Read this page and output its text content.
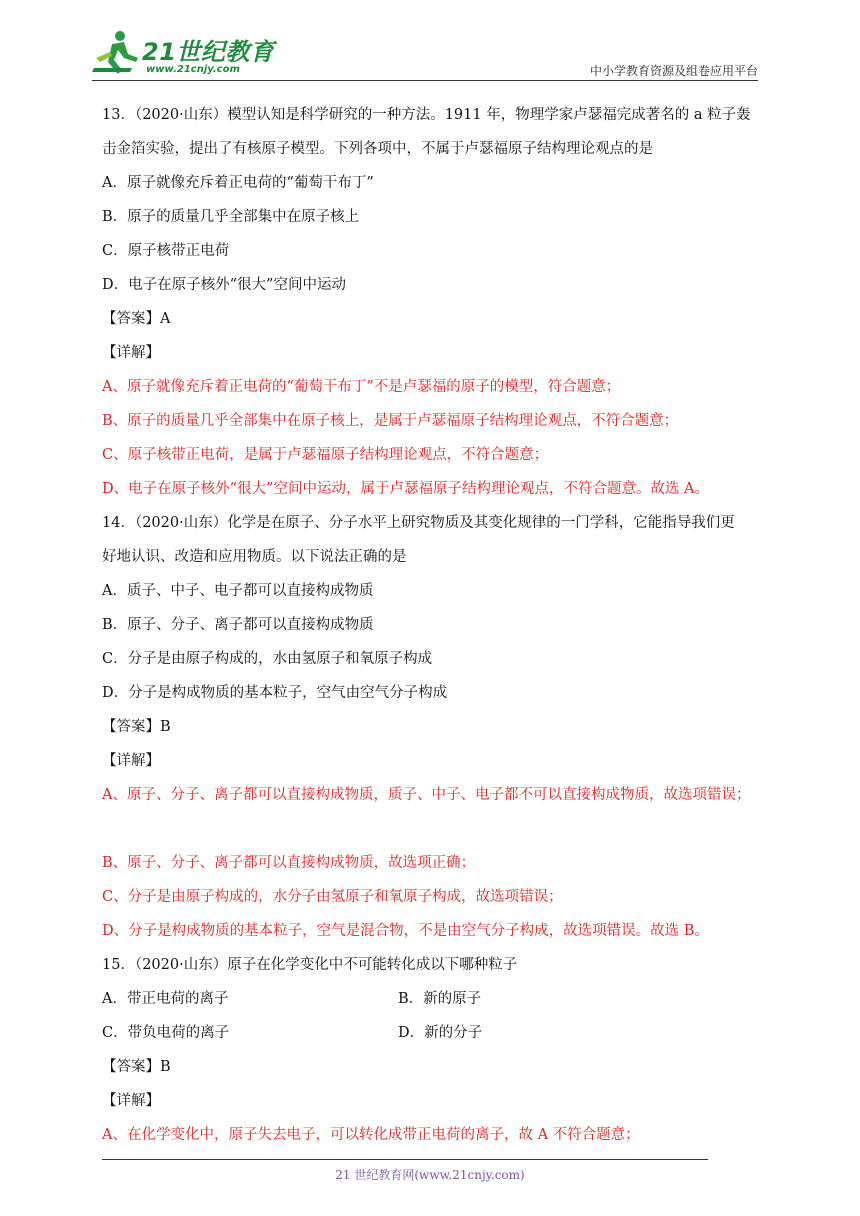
21世纪教育
www.21cnjy.com	中小学教育资源及组卷应用平台
13．（2020·山东）模型认知是科学研究的一种方法。1911 年，物理学家卢瑟福完成著名的 a 粒子轰
击金箔实验，提出了有核原子模型。下列各项中，不属于卢瑟福原子结构理论观点的是
A．原子就像充斥着正电荷的“葡萄干布丁”
B．原子的质量几乎全部集中在原子核上
C．原子核带正电荷
D．电子在原子核外“很大”空间中运动
【答案】A
【详解】
A、原子就像充斥着正电荷的“葡萄干布丁”不是卢瑟福的原子的模型，符合题意；
B、原子的质量几乎全部集中在原子核上，是属于卢瑟福原子结构理论观点，不符合题意；
C、原子核带正电荷，是属于卢瑟福原子结构理论观点，不符合题意；
D、电子在原子核外“很大”空间中运动，属于卢瑟福原子结构理论观点，不符合题意。故选 A。
14．（2020·山东）化学是在原子、分子水平上研究物质及其变化规律的一门学科，它能指导我们更
好地认识、改造和应用物质。以下说法正确的是
A．质子、中子、电子都可以直接构成物质
B．原子、分子、离子都可以直接构成物质
C．分子是由原子构成的，水由氢原子和氧原子构成
D．分子是构成物质的基本粒子，空气由空气分子构成
【答案】B
【详解】
A、原子、分子、离子都可以直接构成物质，质子、中子、电子都不可以直接构成物质，故选项错误；
B、原子、分子、离子都可以直接构成物质，故选项正确；
C、分子是由原子构成的，水分子由氢原子和氧原子构成，故选项错误；
D、分子是构成物质的基本粒子，空气是混合物，不是由空气分子构成，故选项错误。故选 B。
15．（2020·山东）原子在化学变化中不可能转化成以下哪种粒子
A．带正电荷的离子	B．新的原子
C．带负电荷的离子	D．新的分子
【答案】B
【详解】
A、在化学变化中，原子失去电子，可以转化成带正电荷的离子，故 A 不符合题意；
21 世纪教育网(www.21cnjy.com)
